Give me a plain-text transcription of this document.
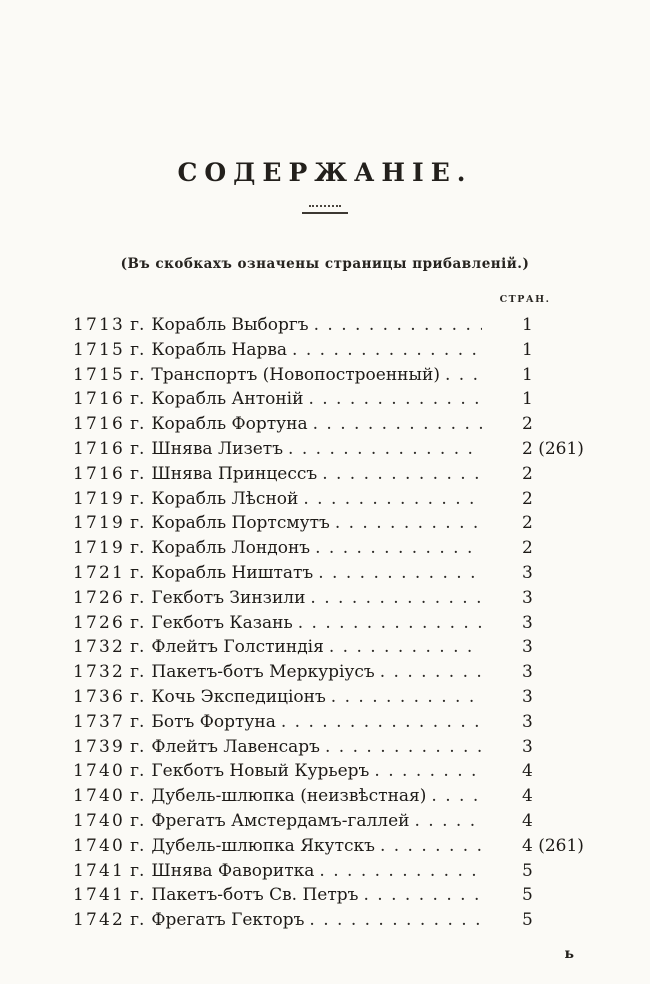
СОДЕРЖАНІЕ.

(Въ скобкахъ означены страницы прибавленій.)

СТРАН.
1713 г. Корабль Выборгъ . . .	1
1715 г. Корабль Нарва . . .	1
1715 г. Транспортъ (Новопостроенный) . . .	1
1716 г. Корабль Антоній . . .	1
1716 г. Корабль Фортуна . . .	2
1716 г. Шнява Лизетъ . . .	2 (261)
1716 г. Шнява Принцессъ . . .	2
1719 г. Корабль Лѣсной . . .	2
1719 г. Корабль Портсмутъ . . .	2
1719 г. Корабль Лондонъ . . .	2
1721 г. Корабль Ништатъ . . .	3
1726 г. Гекботъ Зинзили . . .	3
1726 г. Гекботъ Казань . . .	3
1732 г. Флейтъ Голстиндія . . .	3
1732 г. Пакетъ-ботъ Меркуріусъ . . .	3
1736 г. Кочь Экспедиціонъ . . .	3
1737 г. Ботъ Фортуна . . .	3
1739 г. Флейтъ Лавенсаръ . . .	3
1740 г. Гекботъ Новый Курьеръ . . .	4
1740 г. Дубель-шлюпка (неизвѣстная) . . .	4
1740 г. Фрегатъ Амстердамъ-галлей . . .	4
1740 г. Дубель-шлюпка Якутскъ . . .	4 (261)
1741 г. Шнява Фаворитка . . .	5
1741 г. Пакетъ-ботъ Св. Петръ . . .	5
1742 г. Фрегатъ Гекторъ . . .	5
ь
